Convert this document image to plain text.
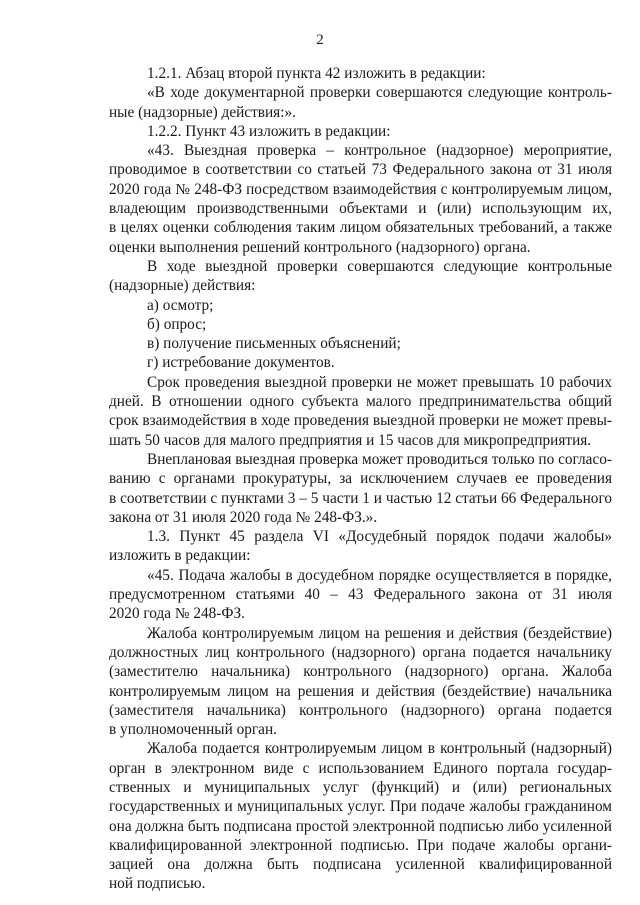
2
1.2.1. Абзац второй пункта 42 изложить в редакции:
«В ходе документарной проверки совершаются следующие контроль-
ные (надзорные) действия:».
1.2.2. Пункт 43 изложить в редакции:
«43. Выездная проверка – контрольное (надзорное) мероприятие,
проводимое в соответствии со статьей 73 Федерального закона от 31 июля
2020 года № 248-ФЗ посредством взаимодействия с контролируемым лицом,
владеющим производственными объектами и (или) использующим их,
в целях оценки соблюдения таким лицом обязательных требований, а также
оценки выполнения решений контрольного (надзорного) органа.
В ходе выездной проверки совершаются следующие контрольные
(надзорные) действия:
а) осмотр;
б) опрос;
в) получение письменных объяснений;
г) истребование документов.
Срок проведения выездной проверки не может превышать 10 рабочих
дней. В отношении одного субъекта малого предпринимательства общий
срок взаимодействия в ходе проведения выездной проверки не может превы-
шать 50 часов для малого предприятия и 15 часов для микропредприятия.
Внеплановая выездная проверка может проводиться только по согласо-
ванию с органами прокуратуры, за исключением случаев ее проведения
в соответствии с пунктами 3 – 5 части 1 и частью 12 статьи 66 Федерального
закона от 31 июля 2020 года № 248-ФЗ.».
1.3. Пункт 45 раздела VI «Досудебный порядок подачи жалобы»
изложить в редакции:
«45. Подача жалобы в досудебном порядке осуществляется в порядке,
предусмотренном статьями 40 – 43 Федерального закона от 31 июля
2020 года № 248-ФЗ.
Жалоба контролируемым лицом на решения и действия (бездействие)
должностных лиц контрольного (надзорного) органа подается начальнику
(заместителю начальника) контрольного (надзорного) органа. Жалоба
контролируемым лицом на решения и действия (бездействие) начальника
(заместителя начальника) контрольного (надзорного) органа подается
в уполномоченный орган.
Жалоба подается контролируемым лицом в контрольный (надзорный)
орган в электронном виде с использованием Единого портала государ-
ственных и муниципальных услуг (функций) и (или) региональных
государственных и муниципальных услуг. При подаче жалобы гражданином
она должна быть подписана простой электронной подписью либо усиленной
квалифицированной электронной подписью. При подаче жалобы органи-
зацией она должна быть подписана усиленной квалифицированной
ной подписью.
